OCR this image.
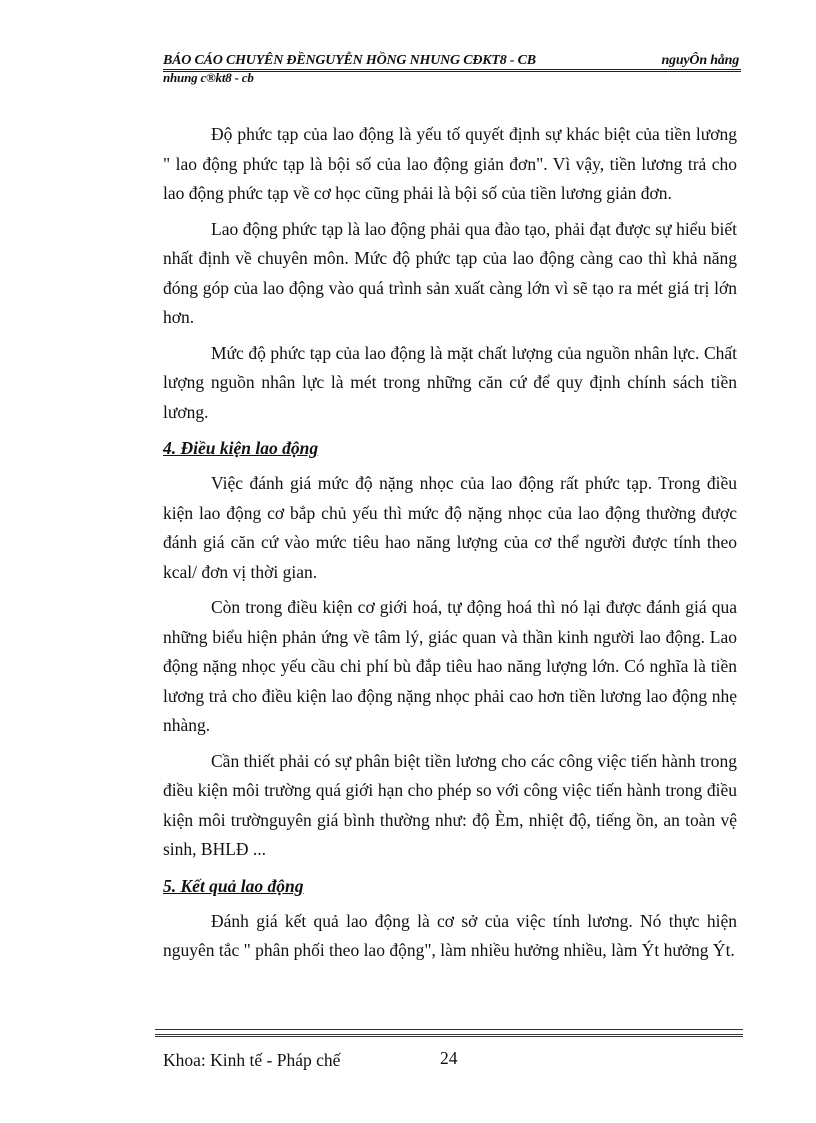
BÁO CÁO CHUYÊN ĐỀNGUYỄN HỒNG NHUNG CĐKT8 - CB	nguyÔn hång
nhung c®kt8 - cb

Độ phức tạp của lao động là yếu tố quyết định sự khác biệt của tiền lương " lao động phức tạp là bội số của lao động giản đơn". Vì vậy, tiền lương trả cho lao động phức tạp về cơ học cũng phải là bội số của tiền lương giản đơn.

Lao động phức tạp là lao động phải qua đào tạo, phải đạt được sự hiểu biết nhất định về chuyên môn. Mức độ phức tạp của lao động càng cao thì khả năng đóng góp của lao động vào quá trình sản xuất càng lớn vì sẽ tạo ra mét giá trị lớn hơn.

Mức độ phức tạp của lao động là mặt chất lượng của nguồn nhân lực. Chất lượng nguồn nhân lực là mét trong những căn cứ để quy định chính sách tiền lương.

4. Điều kiện lao động

Việc đánh giá mức độ nặng nhọc của lao động rất phức tạp. Trong điều kiện lao động cơ bắp chủ yếu thì mức độ nặng nhọc của lao động thường được đánh giá căn cứ vào mức tiêu hao năng lượng của cơ thể người được tính theo kcal/ đơn vị thời gian.

Còn trong điều kiện cơ giới hoá, tự động hoá thì nó lại được đánh giá qua những biểu hiện phản ứng về tâm lý, giác quan và thần kinh người lao động. Lao động nặng nhọc yếu cầu chi phí bù đắp tiêu hao năng lượng lớn. Có nghĩa là tiền lương trả cho điều kiện lao động nặng nhọc phải cao hơn tiền lương lao động nhẹ nhàng.

Cần thiết phải có sự phân biệt tiền lương cho các công việc tiến hành trong điều kiện môi trường quá giới hạn cho phép so với công việc tiến hành trong điều kiện môi trườnguyên giá bình thường như: độ Èm, nhiệt độ, tiếng ồn, an toàn vệ sinh, BHLĐ ...

5. Kết quả lao động

Đánh giá kết quả lao động là cơ sở của việc tính lương. Nó thực hiện nguyên tắc " phân phối theo lao động", làm nhiều hưởng nhiều, làm Ýt hưởng Ýt.

Khoa: Kinh tế - Pháp chế	24
